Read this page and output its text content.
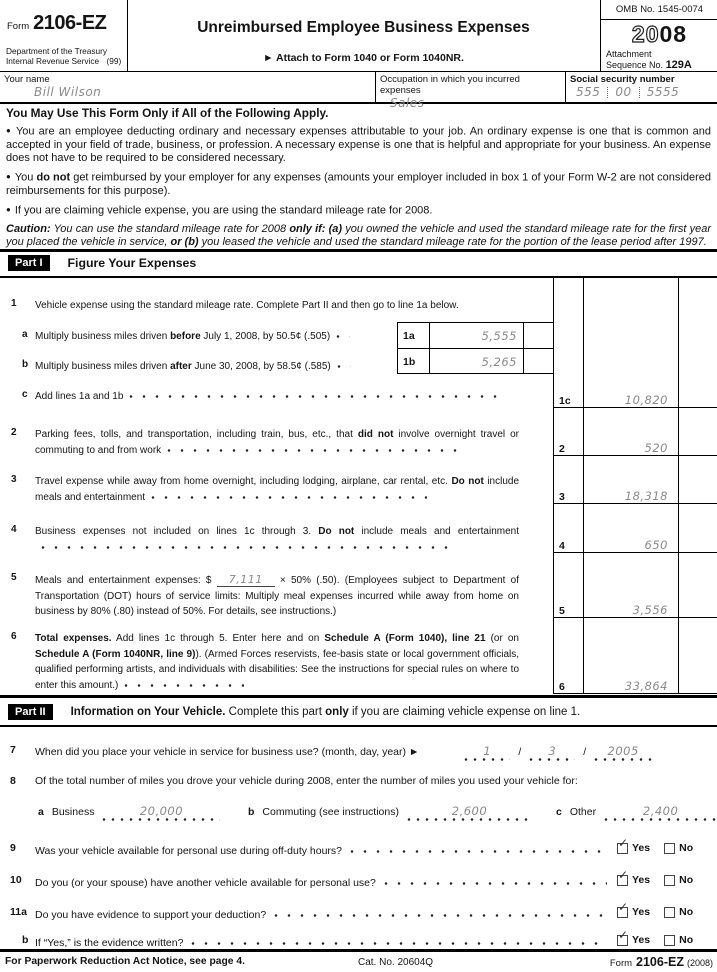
Form 2106-EZ
Department of the Treasury
Internal Revenue Service (99)
Unreimbursed Employee Business Expenses
► Attach to Form 1040 or Form 1040NR.
OMB No. 1545-0074
2008
Attachment
Sequence No. 129A
Your name
Bill Wilson
Occupation in which you incurred expenses
Sales
Social security number
555 00 5555
You May Use This Form Only if All of the Following Apply.

● You are an employee deducting ordinary and necessary expenses attributable to your job. An ordinary expense is one that is common and accepted in your field of trade, business, or profession. A necessary expense is one that is helpful and appropriate for your business. An expense does not have to be required to be considered necessary.

● You do not get reimbursed by your employer for any expenses (amounts your employer included in box 1 of your Form W-2 are not considered reimbursements for this purpose).

● If you are claiming vehicle expense, you are using the standard mileage rate for 2008.

Caution: You can use the standard mileage rate for 2008 only if: (a) you owned the vehicle and used the standard mileage rate for the first year you placed the vehicle in service, or (b) you leased the vehicle and used the standard mileage rate for the portion of the lease period after 1997.

Part I	Figure Your Expenses
1 Vehicle expense using the standard mileage rate. Complete Part II and then go to line 1a below.
a Multiply business miles driven before July 1, 2008, by 50.5¢ (.505)
b Multiply business miles driven after June 30, 2008, by 58.5¢ (.585)
1a	5,555
1b	5,265
c Add lines 1a and 1b	1c	10,820
2 Parking fees, tolls, and transportation, including train, bus, etc., that did not involve overnight travel or commuting to and from work	2	520
3 Travel expense while away from home overnight, including lodging, airplane, car rental, etc. Do not include meals and entertainment	3	18,318
4 Business expenses not included on lines 1c through 3. Do not include meals and entertainment
4	650
5 Meals and entertainment expenses: $ 7,111 × 50% (.50). (Employees subject to Department of Transportation (DOT) hours of service limits: Multiply meal expenses incurred while away from home on business by 80% (.80) instead of 50%. For details, see instructions.)	5	3,556
6 Total expenses. Add lines 1c through 5. Enter here and on Schedule A (Form 1040), line 21 (or on Schedule A (Form 1040NR, line 9)). (Armed Forces reservists, fee-basis state or local government officials, qualified performing artists, and individuals with disabilities: See the instructions for special rules on where to enter this amount.)	6	33,864
Part II	Information on Your Vehicle. Complete this part only if you are claiming vehicle expense on line 1.
7 When did you place your vehicle in service for business use? (month, day, year) ►	1	/	3	/	2005
8 Of the total number of miles you drove your vehicle during 2008, enter the number of miles you used your vehicle for:
a Business	20,000	b Commuting (see instructions)	2,600	c Other	2,400
9 Was your vehicle available for personal use during off-duty hours?
✓ Yes	No
10 Do you (or your spouse) have another vehicle available for personal use?
✓ Yes	No
11a Do you have evidence to support your deduction?
✓ Yes	No
b If “Yes,” is the evidence written?
✓ Yes	No
For Paperwork Reduction Act Notice, see page 4.	Cat. No. 20604Q	Form 2106-EZ (2008)
